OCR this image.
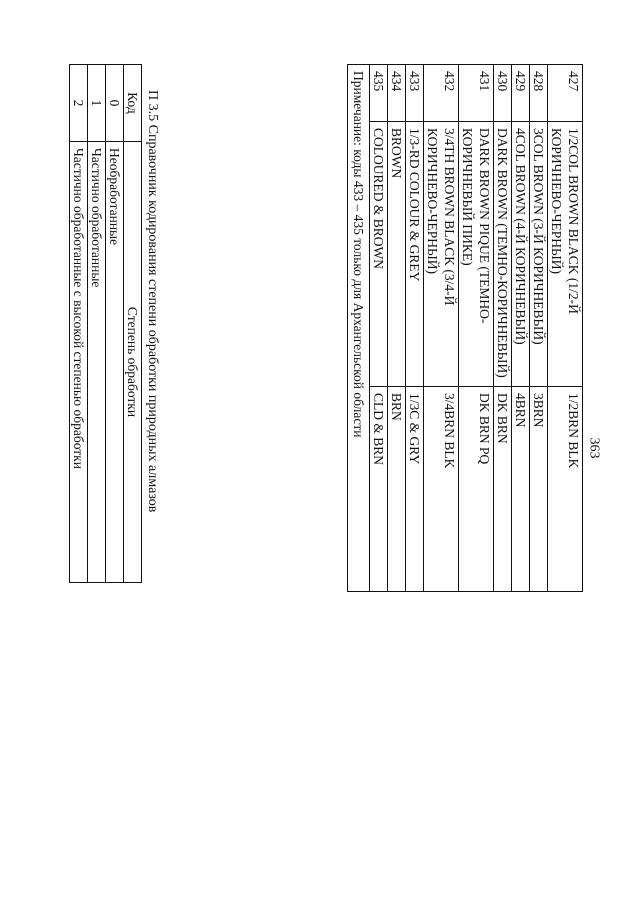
363
427	1/2COL BROWN BLACK (1/2-Й КОРИЧНЕВО-ЧЕРНЫЙ)	1/2BRN BLK
428	3COL BROWN (3-Й КОРИЧНЕВЫЙ)	3BRN
429	4COL BROWN (4-Й КОРИЧНЕВЫЙ)	4BRN
430	DARK BROWN (ТЕМНО-КОРИЧНЕВЫЙ)	DK BRN
431	DARK BROWN PIQUE (ТЕМНО-КОРИЧНЕВЫЙ ПИКЕ)	DK BRN PQ
432	3/4TH BROWN BLACK (3/4-Й КОРИЧНЕВО-ЧЕРНЫЙ)	3/4BRN BLK
433	1/3-RD COLOUR & GREY	1/3C & GRY
434	BROWN	BRN
435	COLOURED & BROWN	CLD & BRN
Примечание: коды 433 – 435 только для Архангельской области		
П 3.5 Справочник кодирования степени обработки природных алмазов
Код	Степень обработки
0	Необработанные
1	Частично обработанные
2	Частично обработанные с высокой степенью обработки
